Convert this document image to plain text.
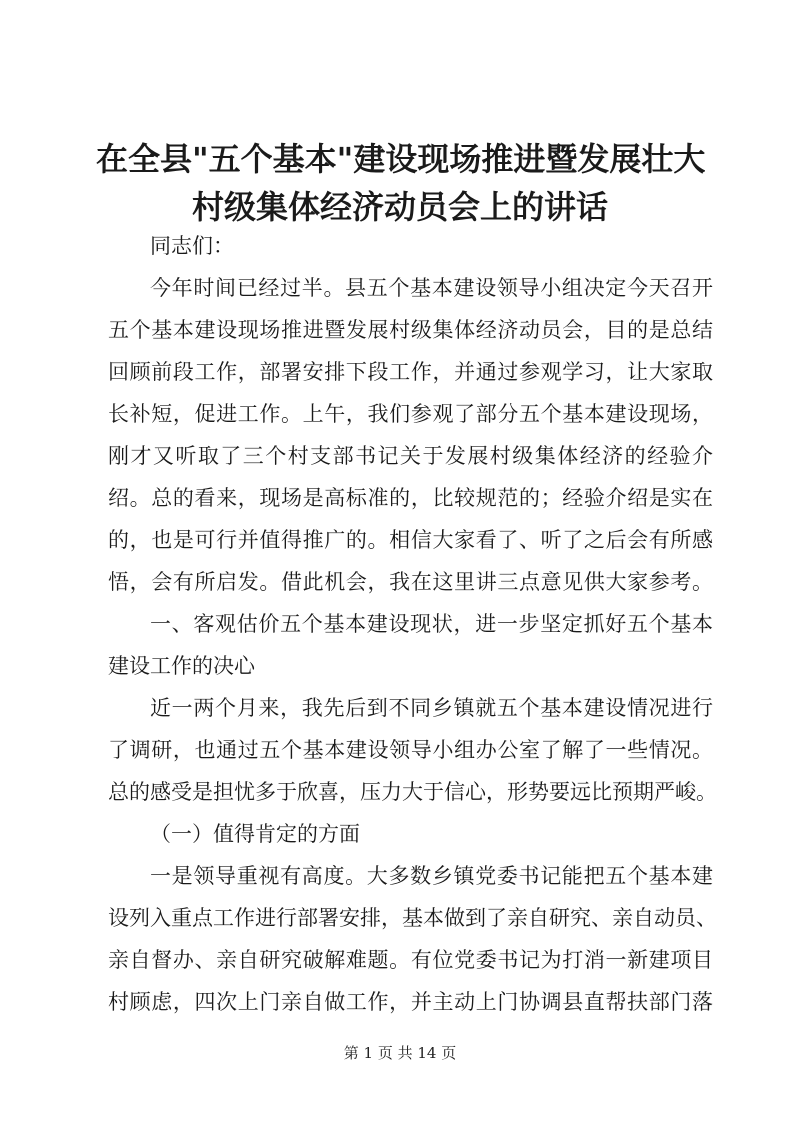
在全县"五个基本"建设现场推进暨发展壮大
村级集体经济动员会上的讲话
同志们：
今年时间已经过半。县五个基本建设领导小组决定今天召开
五个基本建设现场推进暨发展村级集体经济动员会，目的是总结
回顾前段工作，部署安排下段工作，并通过参观学习，让大家取
长补短，促进工作。上午，我们参观了部分五个基本建设现场，
刚才又听取了三个村支部书记关于发展村级集体经济的经验介
绍。总的看来，现场是高标准的，比较规范的；经验介绍是实在
的，也是可行并值得推广的。相信大家看了、听了之后会有所感
悟，会有所启发。借此机会，我在这里讲三点意见供大家参考。
一、客观估价五个基本建设现状，进一步坚定抓好五个基本
建设工作的决心
近一两个月来，我先后到不同乡镇就五个基本建设情况进行
了调研，也通过五个基本建设领导小组办公室了解了一些情况。
总的感受是担忧多于欣喜，压力大于信心，形势要远比预期严峻。
（一）值得肯定的方面
一是领导重视有高度。大多数乡镇党委书记能把五个基本建
设列入重点工作进行部署安排，基本做到了亲自研究、亲自动员、
亲自督办、亲自研究破解难题。有位党委书记为打消一新建项目
村顾虑，四次上门亲自做工作，并主动上门协调县直帮扶部门落
第 1 页 共 14 页
